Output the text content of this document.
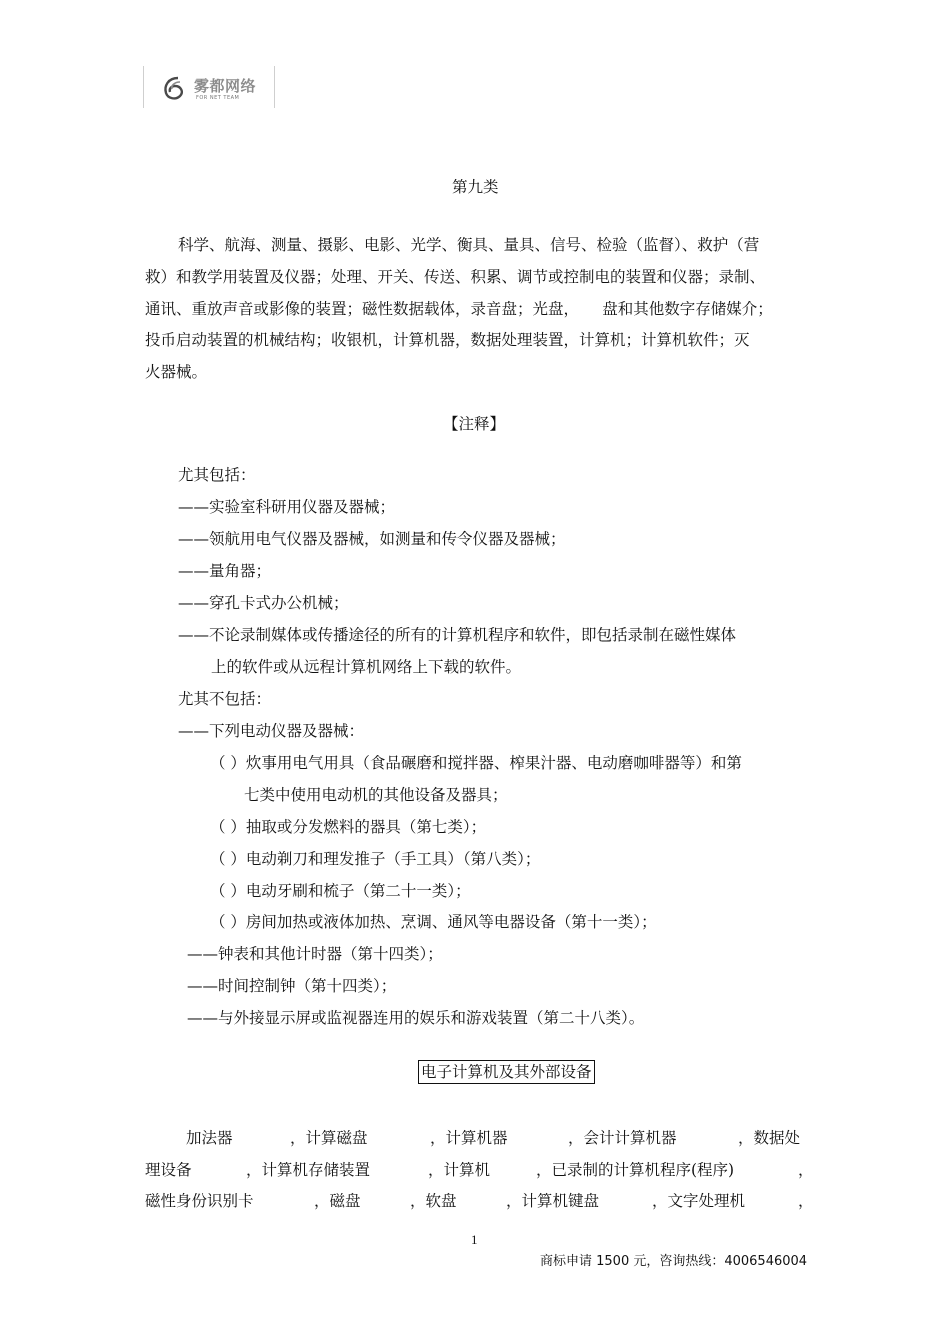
雾都网络
FOR NET TEAM
第九类
科学、航海、测量、摄影、电影、光学、衡具、量具、信号、检验（监督）、救护（营
救）和教学用装置及仪器；处理、开关、传送、积累、调节或控制电的装置和仪器；录制、
通讯、重放声音或影像的装置；磁性数据载体，录音盘；光盘，　　盘和其他数字存储媒介；
投币启动装置的机械结构；收银机，计算机器，数据处理装置，计算机；计算机软件；灭
火器械。
【注释】
尤其包括：
——实验室科研用仪器及器械；
——领航用电气仪器及器械，如测量和传令仪器及器械；
——量角器；
——穿孔卡式办公机械；
——不论录制媒体或传播途径的所有的计算机程序和软件，即包括录制在磁性媒体
上的软件或从远程计算机网络上下载的软件。
尤其不包括：
——下列电动仪器及器械：
（ ）炊事用电气用具（食品碾磨和搅拌器、榨果汁器、电动磨咖啡器等）和第
七类中使用电动机的其他设备及器具；
（ ）抽取或分发燃料的器具（第七类）；
（ ）电动剃刀和理发推子（手工具）（第八类）；
（ ）电动牙刷和梳子（第二十一类）；
（ ）房间加热或液体加热、烹调、通风等电器设备（第十一类）；
——钟表和其他计时器（第十四类）；
——时间控制钟（第十四类）；
——与外接显示屏或监视器连用的娱乐和游戏装置（第二十八类）。
电子计算机及其外部设备
加法器	，计算磁盘	，计算机器	，会计计算机器	，数据处
理设备	，计算机存储装置	，计算机	，已录制的计算机程序(程序)	，
磁性身份识别卡	，磁盘	，软盘	，计算机键盘	，文字处理机	，
1
商标申请 1500 元，咨询热线：4006546004
